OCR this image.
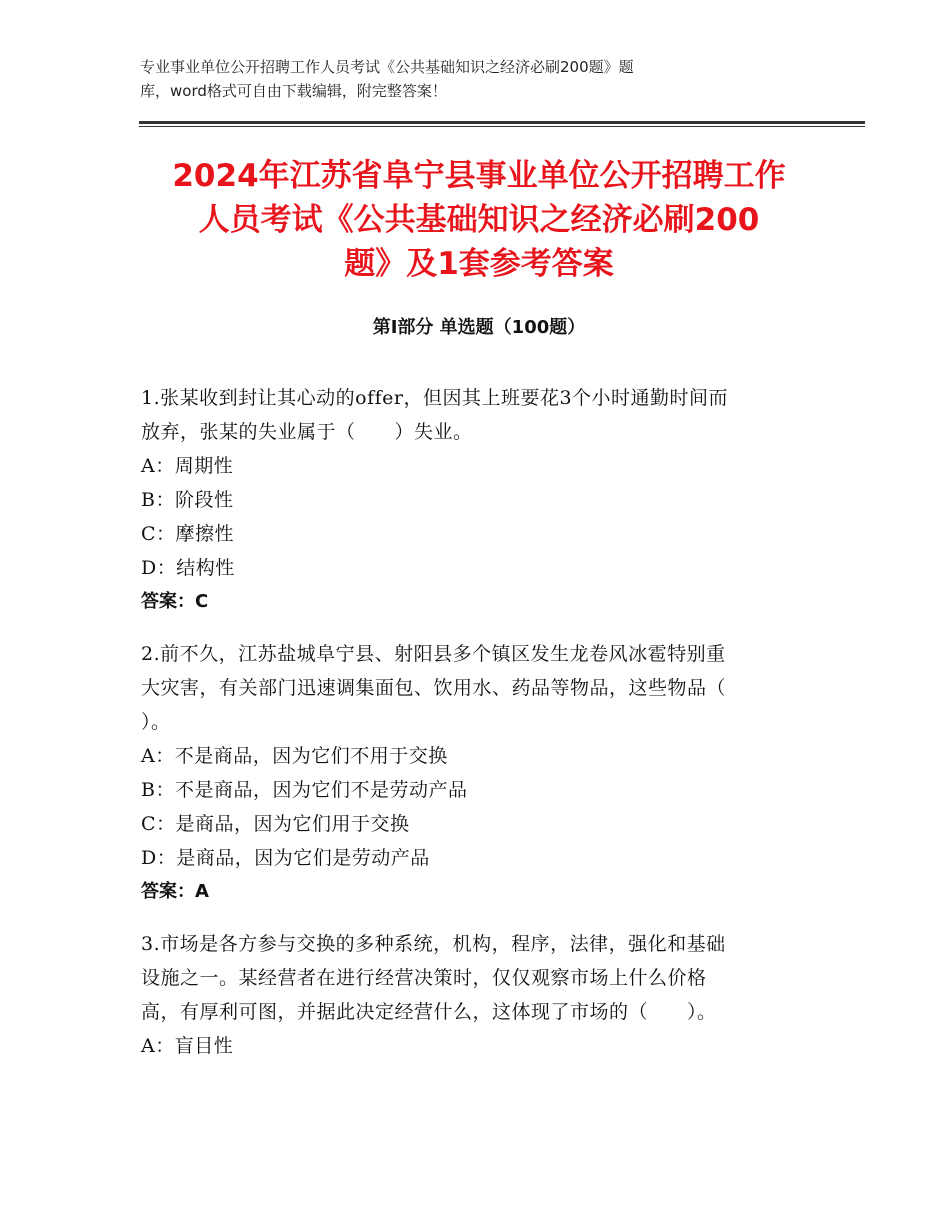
专业事业单位公开招聘工作人员考试《公共基础知识之经济必刷200题》题
库，word格式可自由下载编辑，附完整答案！
2024年江苏省阜宁县事业单位公开招聘工作
人员考试《公共基础知识之经济必刷200
题》及1套参考答案
第Ⅰ部分 单选题（100题）
1.张某收到封让其心动的offer，但因其上班要花3个小时通勤时间而
放弃，张某的失业属于（　　）失业。
A：周期性
B：阶段性
C：摩擦性
D：结构性
答案：C
2.前不久，江苏盐城阜宁县、射阳县多个镇区发生龙卷风冰雹特别重
大灾害，有关部门迅速调集面包、饮用水、药品等物品，这些物品（
）。
A：不是商品，因为它们不用于交换
B：不是商品，因为它们不是劳动产品
C：是商品，因为它们用于交换
D：是商品，因为它们是劳动产品
答案：A
3.市场是各方参与交换的多种系统，机构，程序，法律，强化和基础
设施之一。某经营者在进行经营决策时，仅仅观察市场上什么价格
高，有厚利可图，并据此决定经营什么，这体现了市场的（　　）。
A：盲目性
